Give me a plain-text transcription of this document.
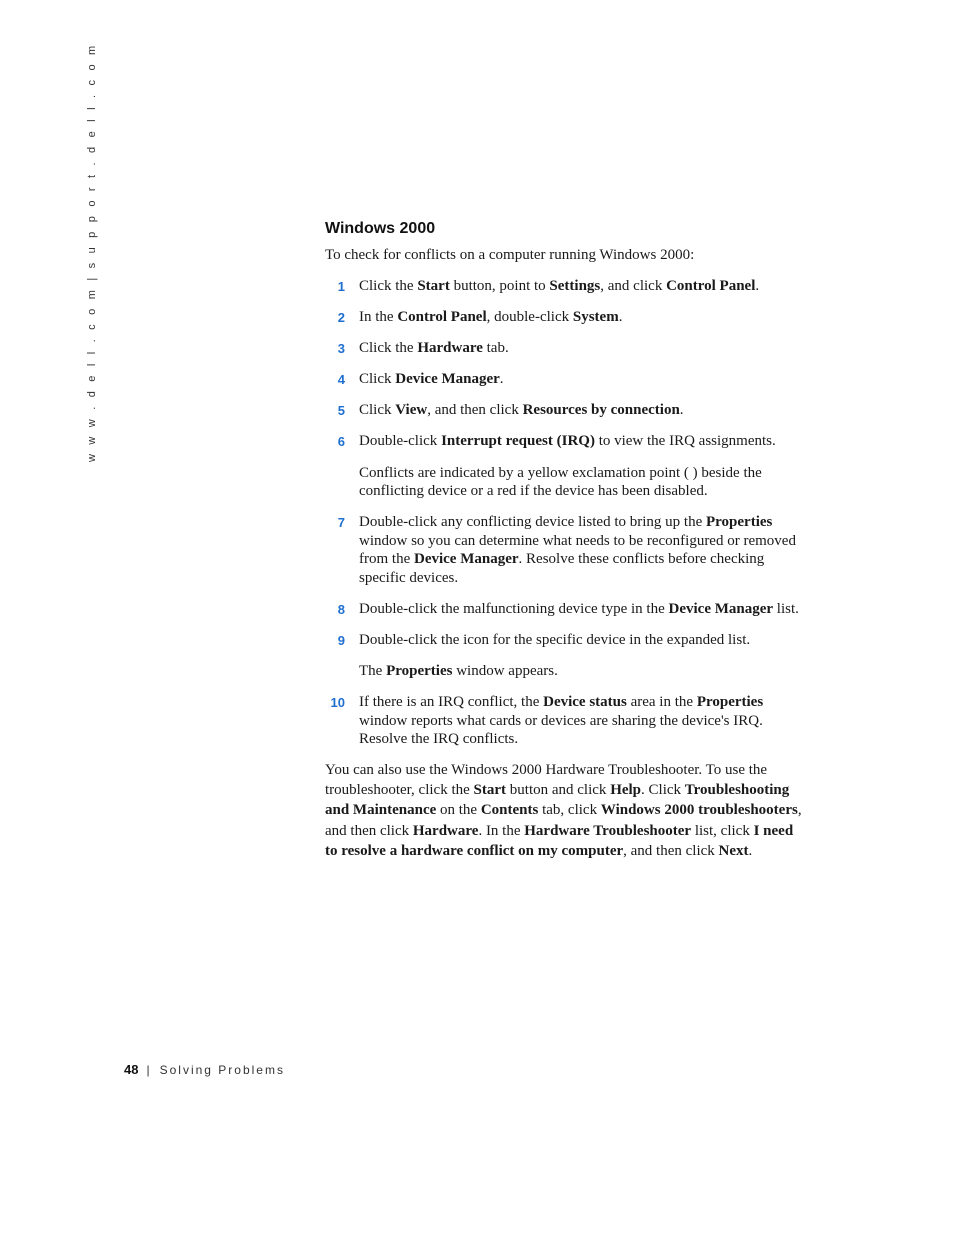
w w w . d e l l . c o m | s u p p o r t . d e l l . c o m	Windows 2000

To check for conflicts on a computer running Windows 2000:

1 Click the Start button, point to Settings, and click Control Panel.
2 In the Control Panel, double-click System.
3 Click the Hardware tab.
4 Click Device Manager.
5 Click View, and then click Resources by connection.
6 Double-click Interrupt request (IRQ) to view the IRQ assignments.
Conflicts are indicated by a yellow exclamation point ( ) beside the conflicting device or a red if the device has been disabled.
7 Double-click any conflicting device listed to bring up the Properties window so you can determine what needs to be reconfigured or removed from the Device Manager. Resolve these conflicts before checking specific devices.
8 Double-click the malfunctioning device type in the Device Manager list.
9 Double-click the icon for the specific device in the expanded list.
The Properties window appears.
10 If there is an IRQ conflict, the Device status area in the Properties window reports what cards or devices are sharing the device's IRQ. Resolve the IRQ conflicts.

You can also use the Windows 2000 Hardware Troubleshooter. To use the troubleshooter, click the Start button and click Help. Click Troubleshooting and Maintenance on the Contents tab, click Windows 2000 troubleshooters, and then click Hardware. In the Hardware Troubleshooter list, click I need to resolve a hardware conflict on my computer, and then click Next.

48 | Solving Problems
